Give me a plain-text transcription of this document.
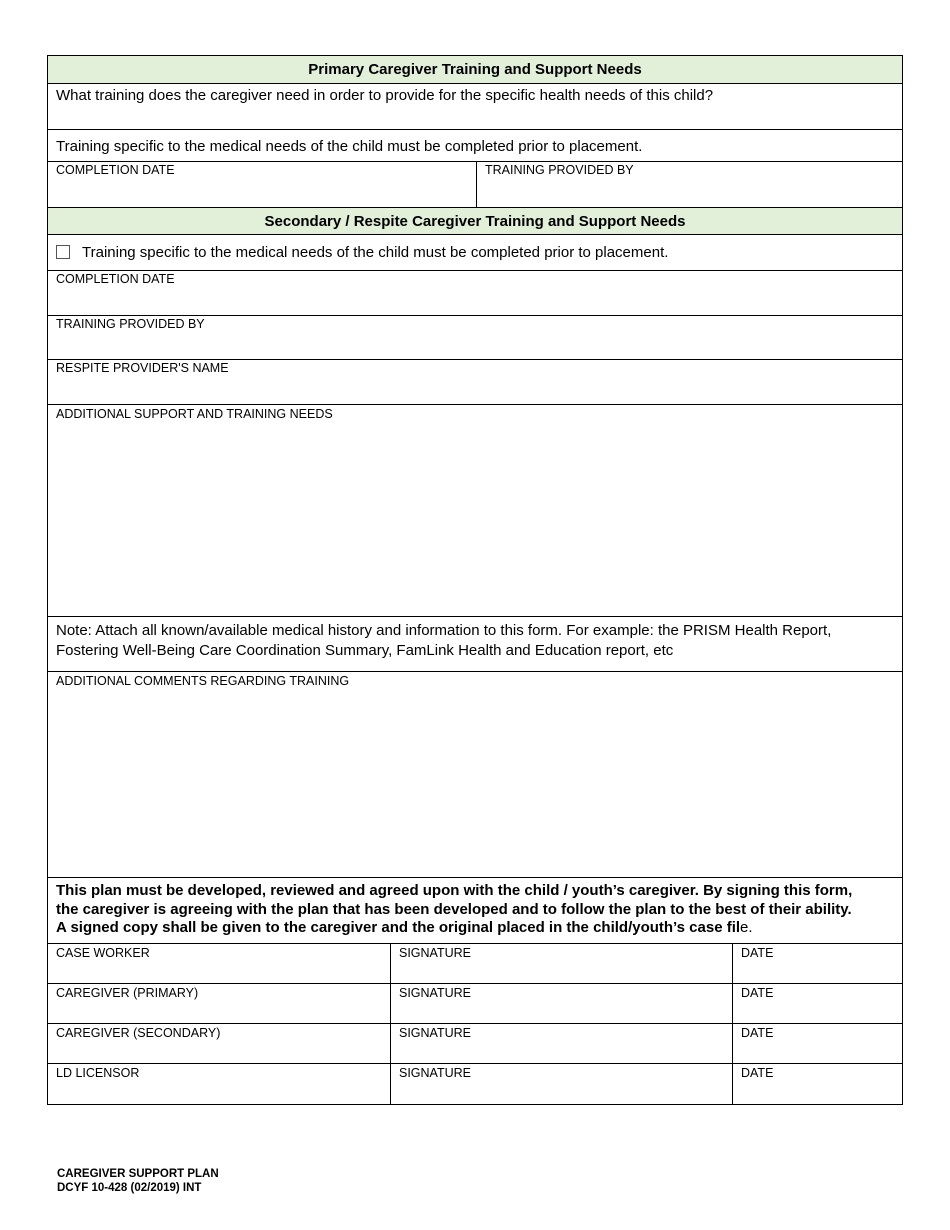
Primary Caregiver Training and Support Needs
What training does the caregiver need in order to provide for the specific health needs of this child?
Training specific to the medical needs of the child must be completed prior to placement.
COMPLETION DATE	TRAINING PROVIDED BY
Secondary / Respite Caregiver Training and Support Needs
Training specific to the medical needs of the child must be completed prior to placement.
COMPLETION DATE
TRAINING PROVIDED BY
RESPITE PROVIDER'S NAME
ADDITIONAL SUPPORT AND TRAINING NEEDS
Note: Attach all known/available medical history and information to this form. For example: the PRISM Health Report,
Fostering Well-Being Care Coordination Summary, FamLink Health and Education report, etc
ADDITIONAL COMMENTS REGARDING TRAINING
This plan must be developed, reviewed and agreed upon with the child / youth’s caregiver. By signing this form,
the caregiver is agreeing with the plan that has been developed and to follow the plan to the best of their ability.
A signed copy shall be given to the caregiver and the original placed in the child/youth’s case file.
CASE WORKER	SIGNATURE	DATE
CAREGIVER (PRIMARY)	SIGNATURE	DATE
CAREGIVER (SECONDARY)	SIGNATURE	DATE
LD LICENSOR	SIGNATURE	DATE
CAREGIVER SUPPORT PLAN
DCYF 10-428 (02/2019) INT
